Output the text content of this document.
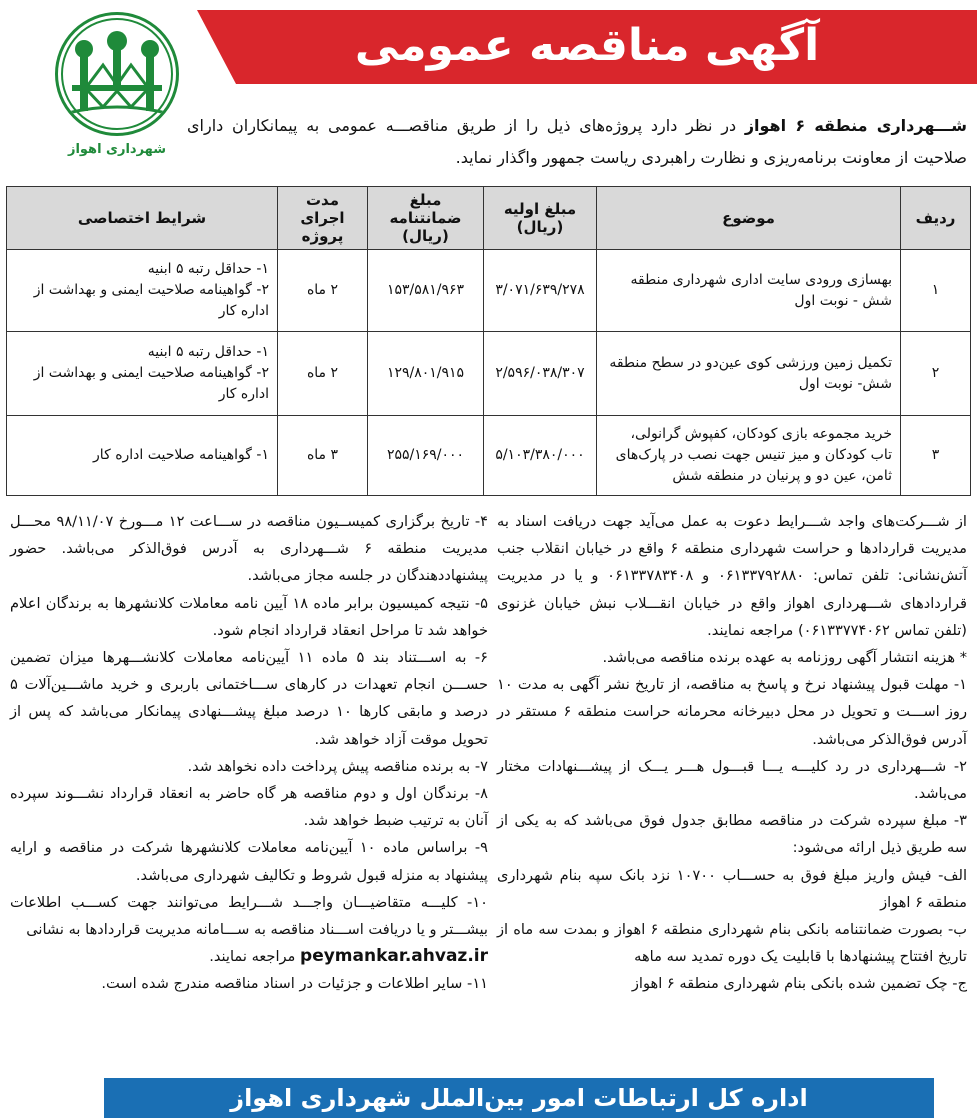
آگهی مناقصه عمومی
شهرداری اهواز
شـــهرداری منطقه ۶ اهواز در نظر دارد پروژه‌های ذیل را از طریق مناقصـــه عمومی به پیمانکاران دارای صلاحیت از معاونت برنامه‌ریزی و نظارت راهبردی ریاست جمهور واگذار نماید.
ردیف	موضوع	مبلغ اولیه (ریال)	مبلغ ضمانتنامه (ریال)	مدت اجرای پروژه	شرایط اختصاصی
۱	بهسازی ورودی سایت اداری شهرداری منطقه شش - نوبت اول	۳/۰۷۱/۶۳۹/۲۷۸	۱۵۳/۵۸۱/۹۶۳	۲ ماه	۱- حداقل رتبه ۵ ابنیه
۲- گواهینامه صلاحیت ایمنی و بهداشت از اداره کار

۲	تکمیل زمین ورزشی کوی عین‌دو در سطح منطقه شش- نوبت اول	۲/۵۹۶/۰۳۸/۳۰۷	۱۲۹/۸۰۱/۹۱۵	۲ ماه	۱- حداقل رتبه ۵ ابنیه
۲- گواهینامه صلاحیت ایمنی و بهداشت از اداره کار

۳	خرید مجموعه بازی کودکان، کفپوش گرانولی، تاب کودکان و میز تنیس جهت نصب در پارک‌های ثامن، عین دو و پرنیان در منطقه شش	۵/۱۰۳/۳۸۰/۰۰۰	۲۵۵/۱۶۹/۰۰۰	۳ ماه	۱- گواهینامه صلاحیت اداره کار

از شـــرکت‌های واجد شـــرایط دعوت به عمل می‌آید جهت دریافت اسناد به مدیریت قراردادها و حراست شهرداری منطقه ۶ واقع در خیابان انقلاب جنب آتش‌نشانی: تلفن تماس: ۰۶۱۳۳۷۹۲۸۸۰ و ۰۶۱۳۳۷۸۳۴۰۸ و یا در مدیریت قراردادهای شـــهرداری اهواز واقع در خیابان انقـــلاب نبش خیابان غزنوی (تلفن تماس ۰۶۱۳۳۷۷۴۰۶۲) مراجعه نمایند.

* هزینه انتشار آگهی روزنامه به عهده برنده مناقصه می‌باشد.

۱- مهلت قبول پیشنهاد نرخ و پاسخ به مناقصه، از تاریخ نشر آگهی به مدت ۱۰ روز اســـت و تحویل در محل دبیرخانه محرمانه حراست منطقه ۶ مستقر در آدرس فوق‌الذکر می‌باشد.

۲- شـــهرداری در رد کلیـــه یـــا قبـــول هـــر یـــک از پیشـــنهادات مختار می‌باشد.

۳- مبلغ سپرده شرکت در مناقصه مطابق جدول فوق می‌باشد که به یکی از سه طریق ذیل ارائه می‌شود:

الف- فیش واریز مبلغ فوق به حســـاب ۱۰۷۰۰ نزد بانک سپه بنام شهرداری منطقه ۶ اهواز

ب- بصورت ضمانتنامه بانکی بنام شهرداری منطقه ۶ اهواز و بمدت سه ماه از تاریخ افتتاح پیشنهادها با قابلیت یک دوره تمدید سه ماهه

ج- چک تضمین شده بانکی بنام شهرداری منطقه ۶ اهواز

۴- تاریخ برگزاری کمیســیون مناقصه در ســـاعت ۱۲ مـــورخ ۹۸/۱۱/۰۷ محـــل مدیریت منطقه ۶ شـــهرداری به آدرس فوق‌الذکر می‌باشد. حضور پیشنهاددهندگان در جلسه مجاز می‌باشد.

۵- نتیجه کمیسیون برابر ماده ۱۸ آیین نامه معاملات کلانشهرها به برندگان اعلام خواهد شد تا مراحل انعقاد قرارداد انجام شود.

۶- به اســـتناد بند ۵ ماده ۱۱ آیین‌نامه معاملات کلانشـــهرها میزان تضمین حســـن انجام تعهدات در کارهای ســـاختمانی باربری و خرید ماشـــین‌آلات ۵ درصد و مابقی کارها ۱۰ درصد مبلغ پیشـــنهادی پیمانکار می‌باشد که پس از تحویل موقت آزاد خواهد شد.

۷- به برنده مناقصه پیش پرداخت داده نخواهد شد.

۸- برندگان اول و دوم مناقصه هر گاه حاضر به انعقاد قرارداد نشـــوند سپرده آنان به ترتیب ضبط خواهد شد.

۹- براساس ماده ۱۰ آیین‌نامه معاملات کلانشهرها شرکت در مناقصه و ارایه پیشنهاد به منزله قبول شروط و تکالیف شهرداری می‌باشد.

۱۰- کلیـــه متقاضیـــان واجـــد شـــرایط می‌توانند جهت کســـب اطلاعات بیشـــتر و یا دریافت اســـناد مناقصه به ســـامانه مدیریت قراردادها به نشانی

peymankar.ahvaz.ir مراجعه نمایند.

۱۱- سایر اطلاعات و جزئیات در اسناد مناقصه مندرج شده است.

اداره کل ارتباطات امور بین‌الملل شهرداری اهواز
